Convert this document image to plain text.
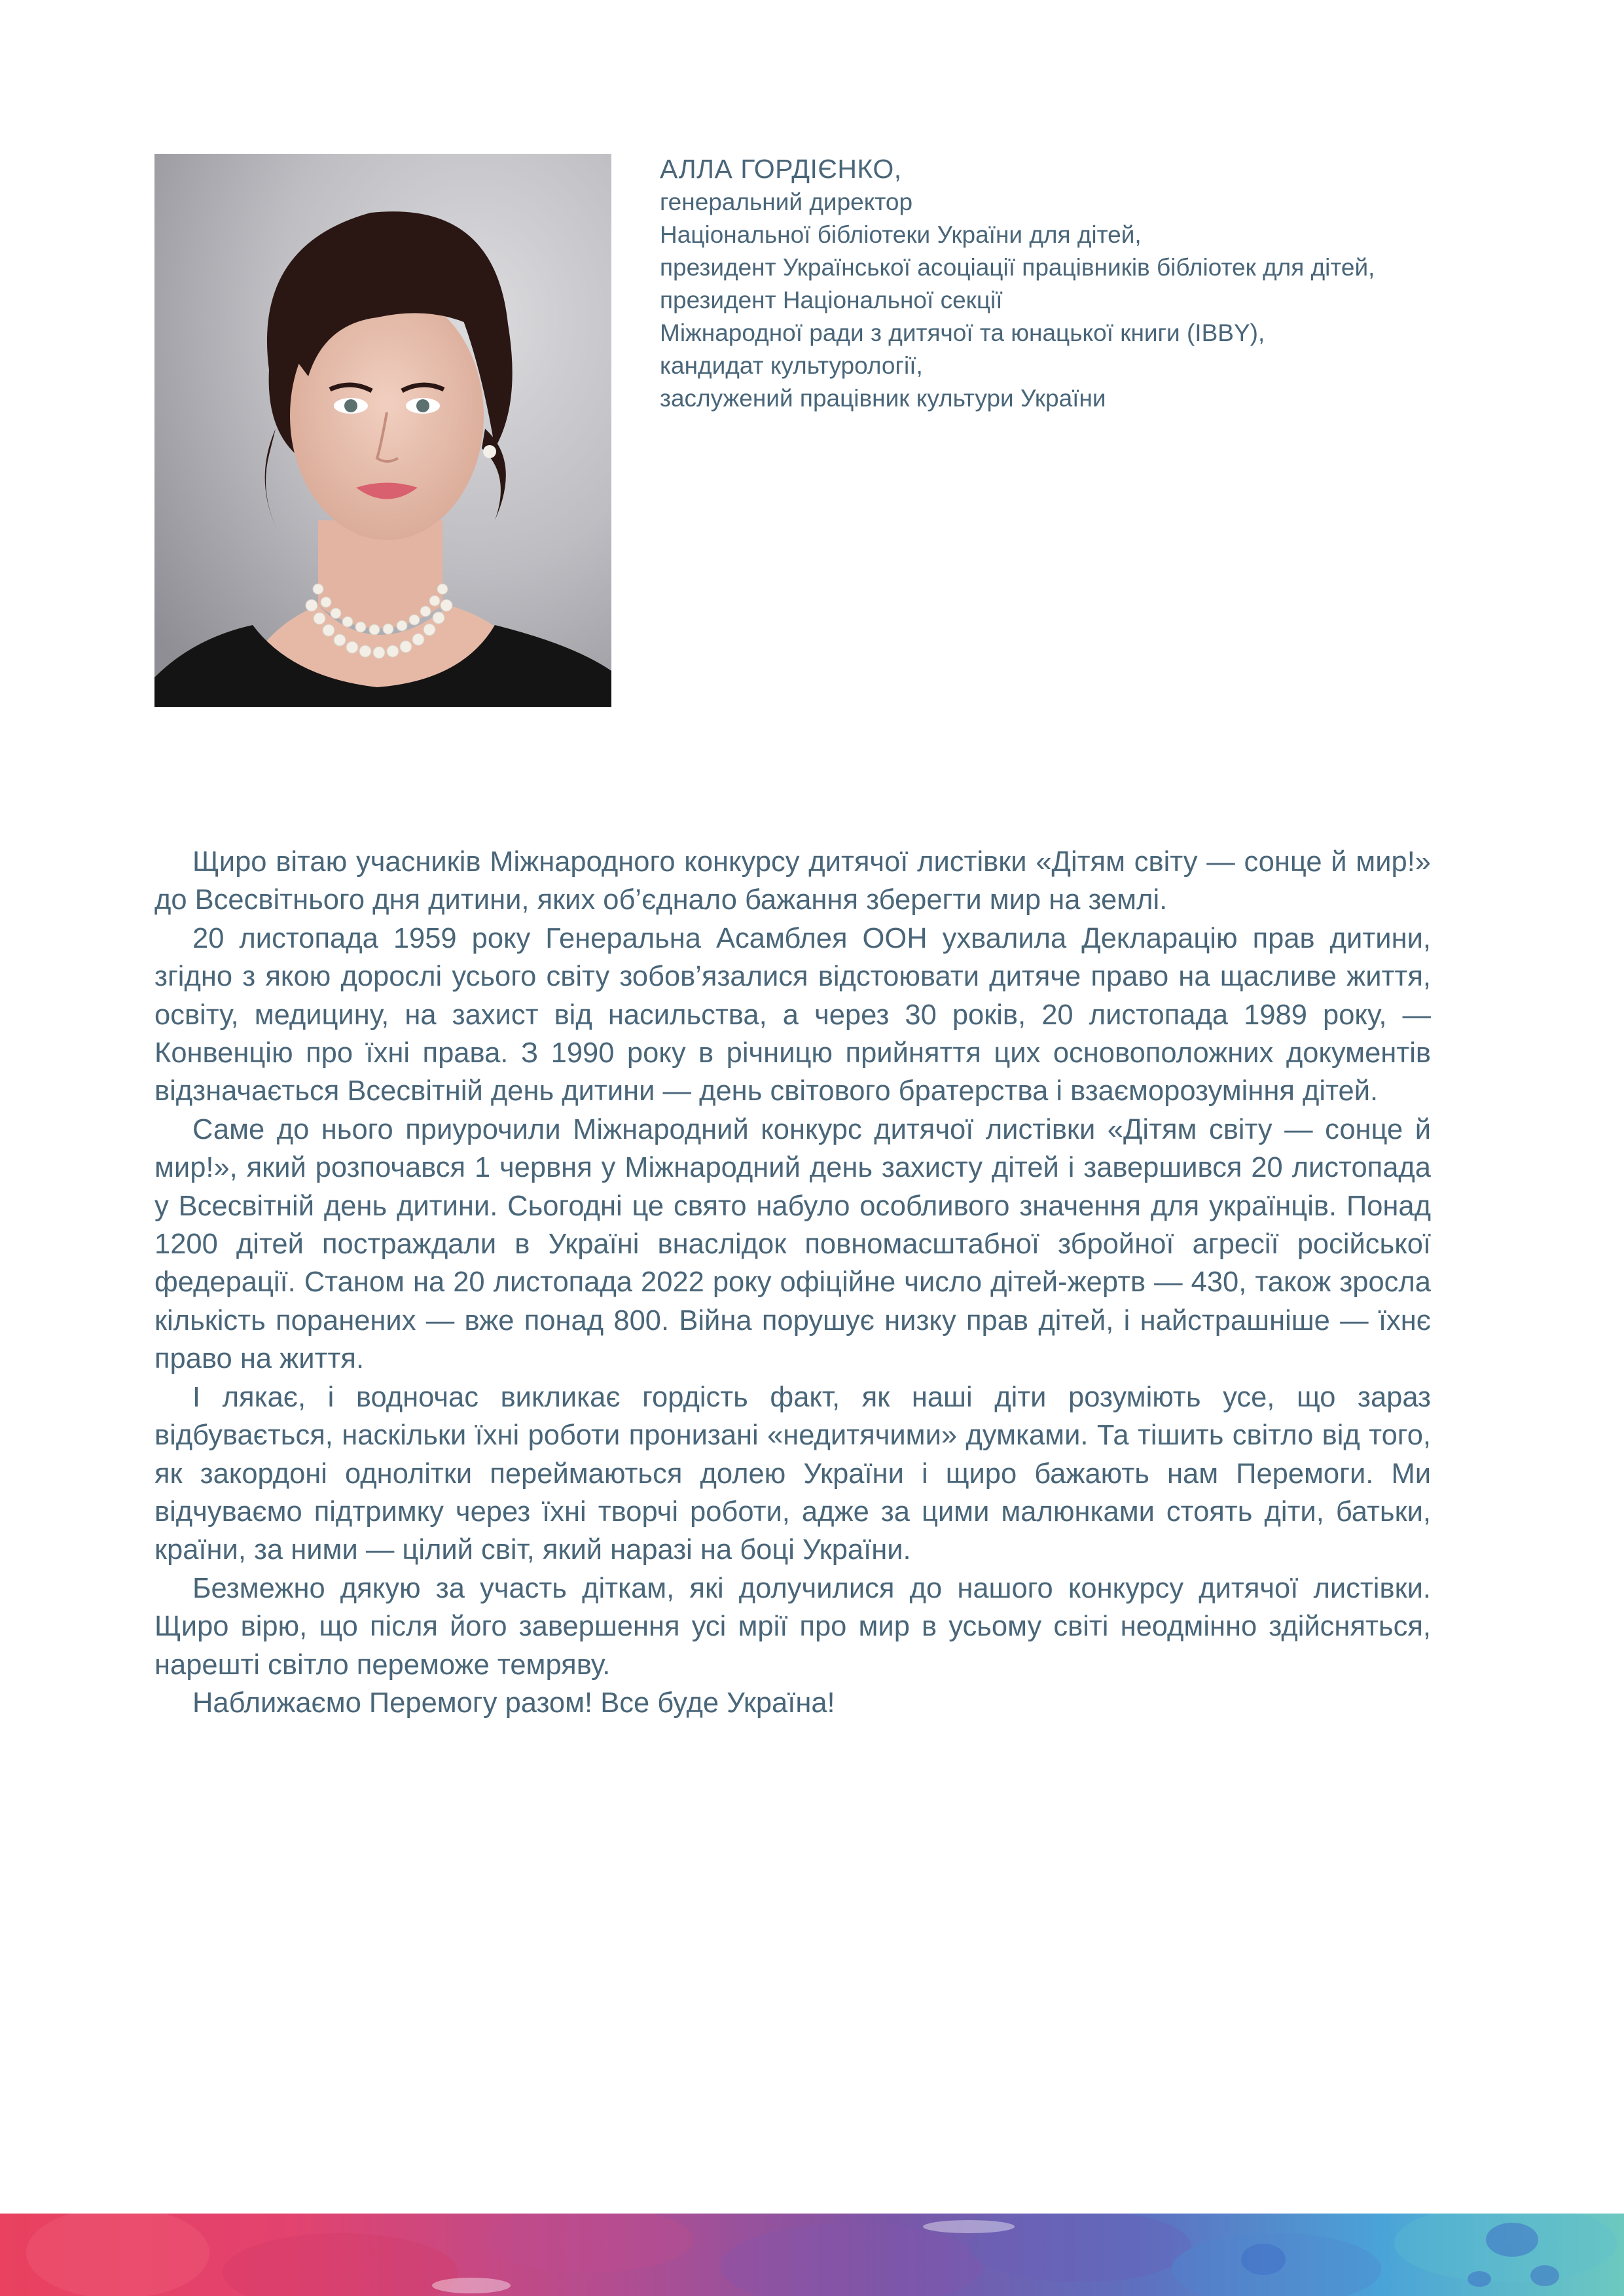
АЛЛА ГОРДІЄНКО,
генеральний директор
Національної бібліотеки України для дітей,
президент Української асоціації працівників бібліотек для дітей,
президент Національної секції
Міжнародної ради з дитячої та юнацької книги (IBBY),
кандидат культурології,
заслужений працівник культури України

Щиро вітаю учасників Міжнародного конкурсу дитячої листівки «Дітям світу — сонце й мир!» до Всесвітнього дня дитини, яких об’єднало бажання зберегти мир на землі.

20 листопада 1959 року Генеральна Асамблея ООН ухвалила Декларацію прав дитини, згідно з якою дорослі усього світу зобов’язалися відстоювати дитяче право на щасливе життя, освіту, медицину, на захист від насильства, а через 30 років, 20 листопада 1989 року, — Конвенцію про їхні права. З 1990 року в річницю прийняття цих основоположних документів відзначається Всесвітній день дитини — день світового братерства і взаєморозуміння дітей.

Саме до нього приурочили Міжнародний конкурс дитячої листівки «Дітям світу — сонце й мир!», який розпочався 1 червня у Міжнародний день захисту дітей і завершився 20 листопада у Всесвітній день дитини. Сьогодні це свято набуло особливого значення для українців. Понад 1200 дітей постраждали в Україні внаслідок повномасштабної збройної агресії російської федерації. Станом на 20 листопада 2022 року офіційне число дітей-жертв — 430, також зросла кількість поранених — вже понад 800. Війна порушує низку прав дітей, і найстрашніше — їхнє право на життя.

І лякає, і водночас викликає гордість факт, як наші діти розуміють усе, що зараз відбувається, наскільки їхні роботи пронизані «недитячими» думками. Та тішить світло від того, як закордоні однолітки переймаються долею України і щиро бажають нам Перемоги. Ми відчуваємо підтримку через їхні творчі роботи, адже за цими малюнками стоять діти, батьки, країни, за ними — цілий світ, який наразі на боці України.

Безмежно дякую за участь діткам, які долучилися до нашого конкурсу дитячої листівки. Щиро вірю, що після його завершення усі мрії про мир в усьому світі неодмінно здійсняться, нарешті світло переможе темряву.

Наближаємо Перемогу разом! Все буде Україна!
